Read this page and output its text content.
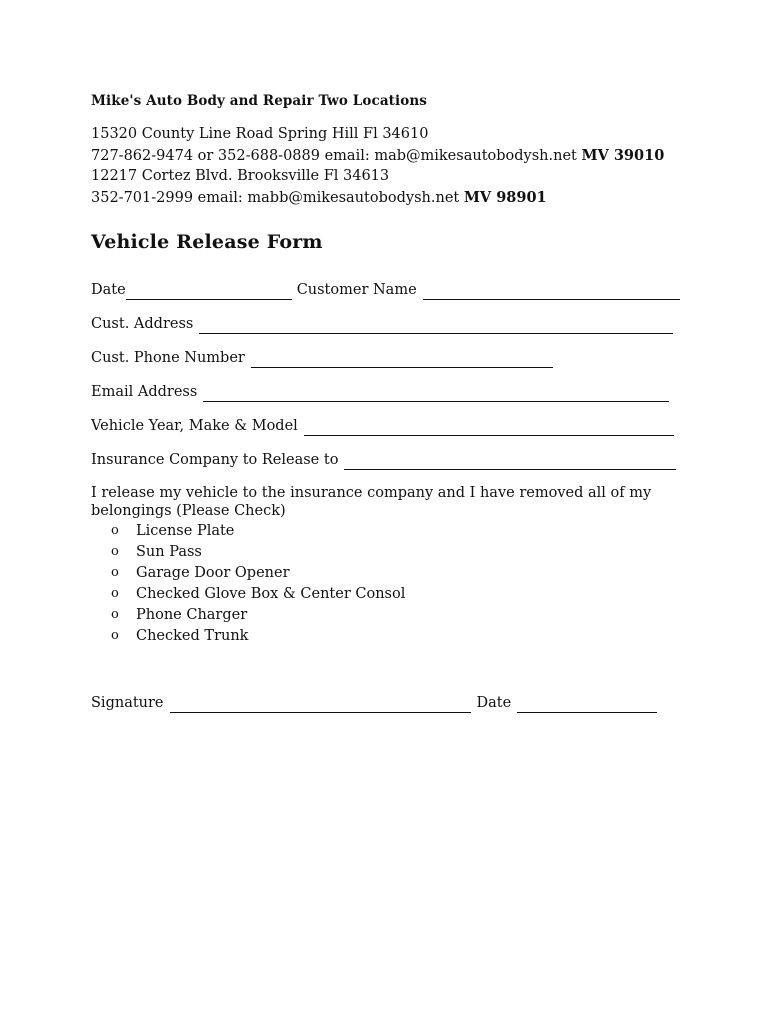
Mike's Auto Body and Repair Two Locations
15320 County Line Road Spring Hill Fl 34610
727-862-9474 or 352-688-0889 email: mab@mikesautobodysh.net MV 39010
12217 Cortez Blvd. Brooksville Fl 34613
352-701-2999 email: mabb@mikesautobodysh.net MV 98901
Vehicle Release Form
Date	Customer Name
Cust. Address
Cust. Phone Number
Email Address
Vehicle Year, Make & Model
Insurance Company to Release to
I release my vehicle to the insurance company and I have removed all of my belongings (Please Check)
o	License Plate
o	Sun Pass
o	Garage Door Opener
o	Checked Glove Box & Center Consol
o	Phone Charger
o	Checked Trunk
Signature	Date
